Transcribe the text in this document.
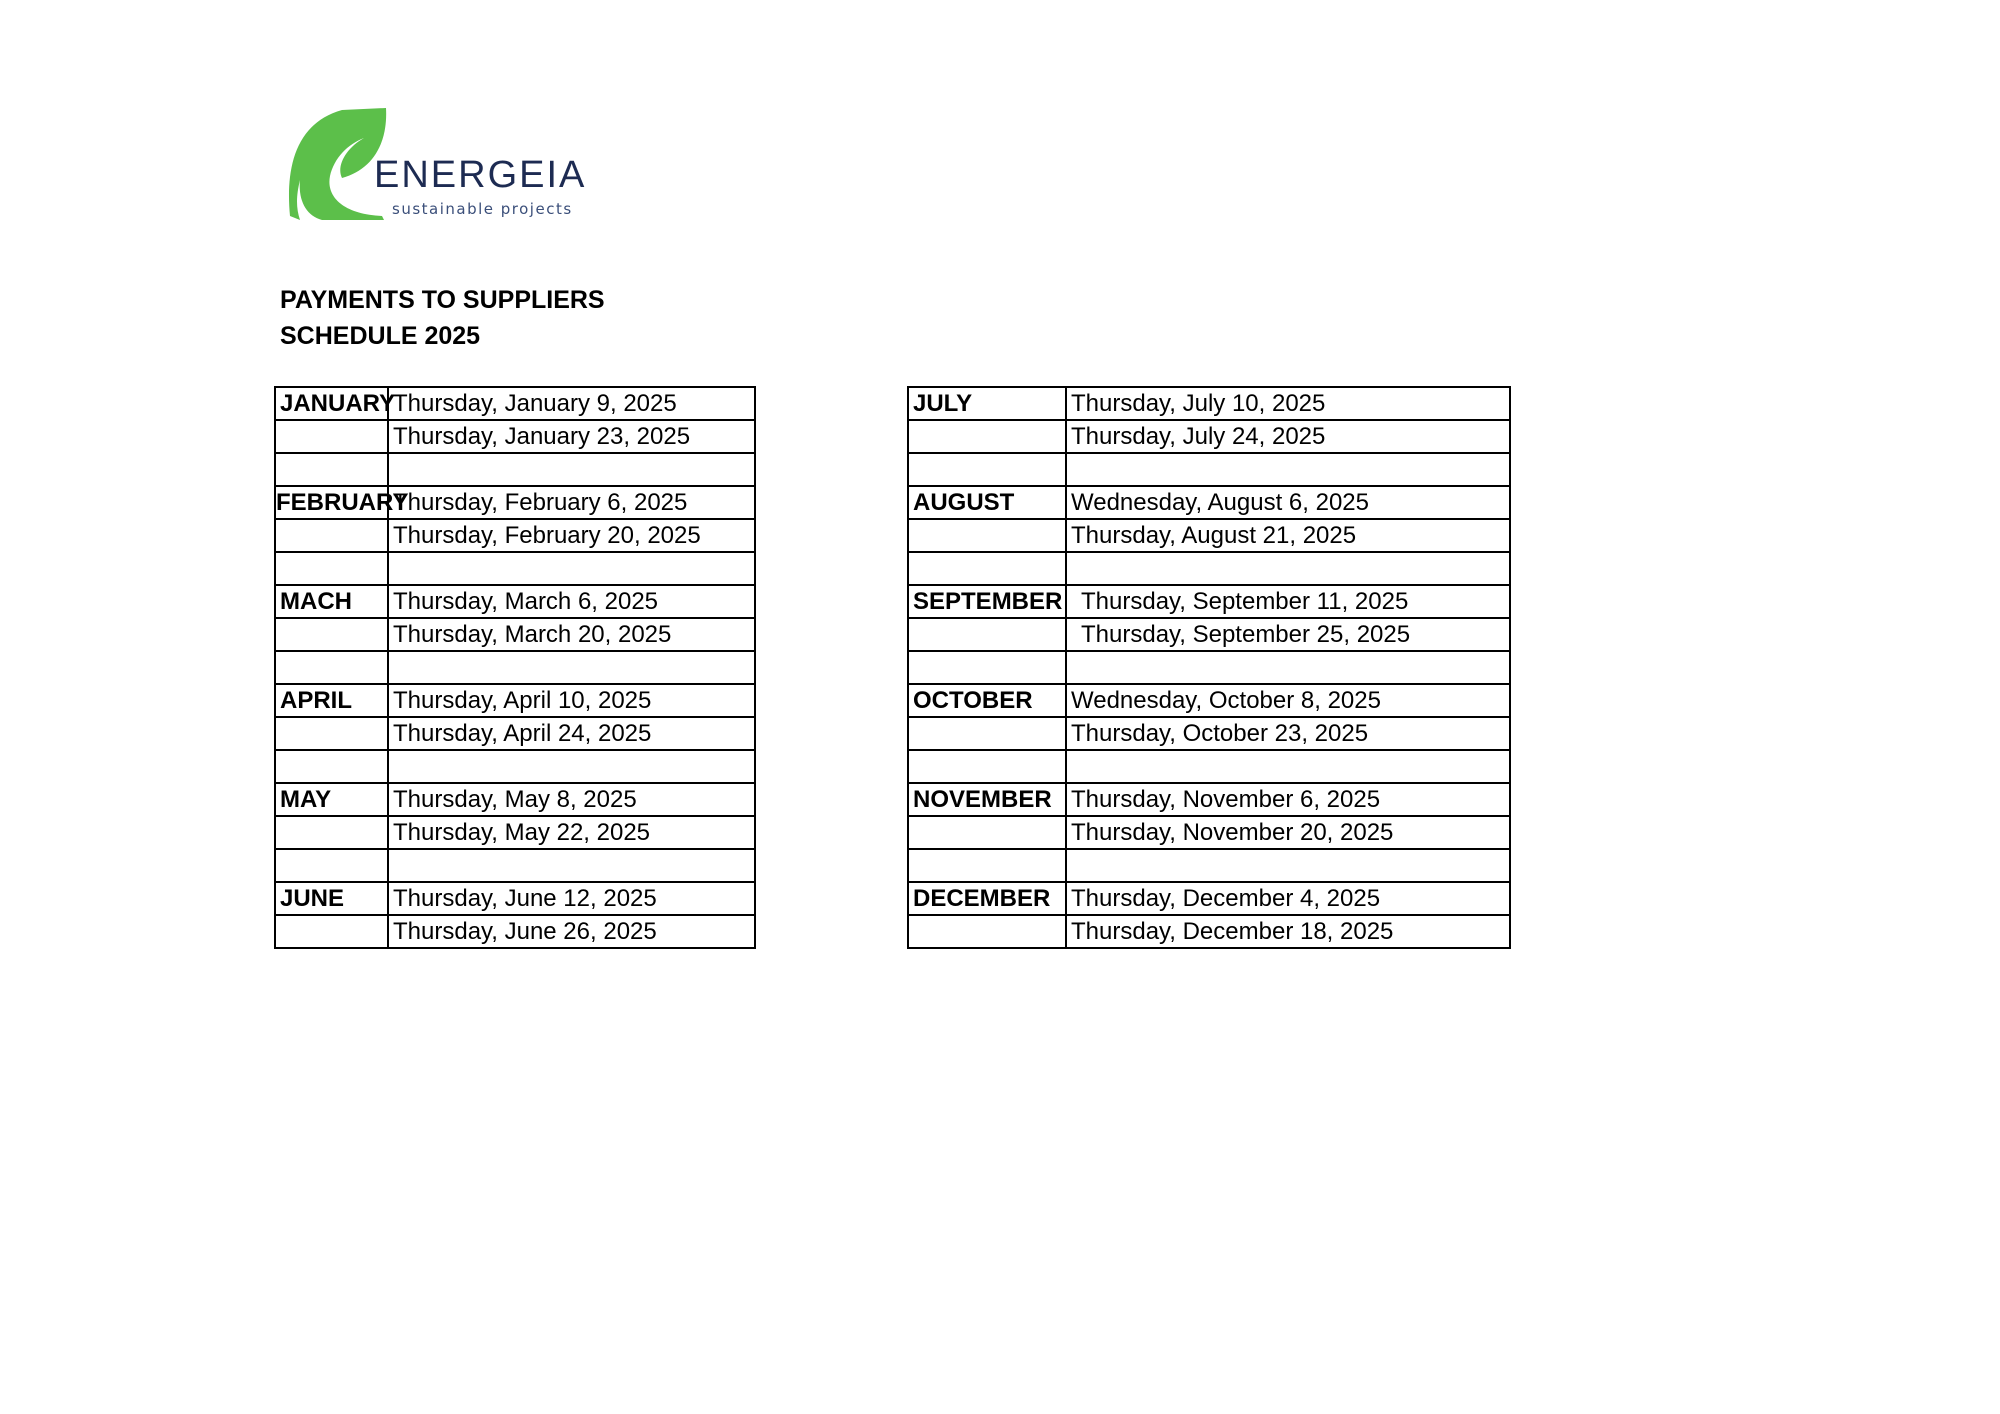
ENERGEIA
sustainable projects
PAYMENTS TO SUPPLIERS
SCHEDULE 2025
JANUARY	Thursday, January 9, 2025
	Thursday, January 23, 2025

FEBRUARY	Thursday, February 6, 2025
	Thursday, February 20, 2025

MACH	Thursday, March 6, 2025
	Thursday, March 20, 2025

APRIL	Thursday, April 10, 2025
	Thursday, April 24, 2025

MAY	Thursday, May 8, 2025
	Thursday, May 22, 2025

JUNE	Thursday, June 12, 2025
	Thursday, June 26, 2025
JULY	Thursday, July 10, 2025
	Thursday, July 24, 2025

AUGUST	Wednesday, August 6, 2025
	Thursday, August 21, 2025

SEPTEMBER	Thursday, September 11, 2025
	Thursday, September 25, 2025

OCTOBER	Wednesday, October 8, 2025
	Thursday, October 23, 2025

NOVEMBER	Thursday, November 6, 2025
	Thursday, November 20, 2025

DECEMBER	Thursday, December 4, 2025
	Thursday, December 18, 2025
